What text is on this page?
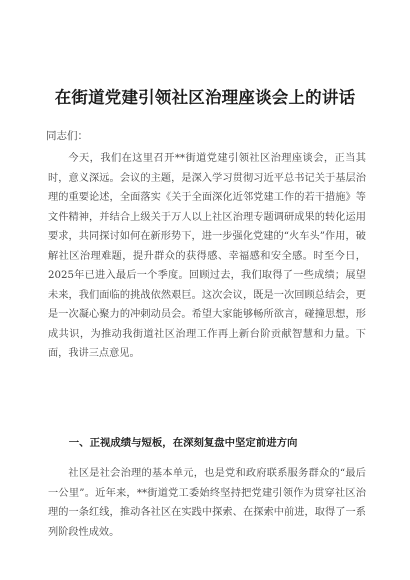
在街道党建引领社区治理座谈会上的讲话
同志们：
今天，我们在这里召开**街道党建引领社区治理座谈会，正当其时，意义深远。会议的主题，是深入学习贯彻习近平总书记关于基层治理的重要论述，全面落实《关于全面深化近邻党建工作的若干措施》等文件精神，并结合上级关于万人以上社区治理专题调研成果的转化运用要求，共同探讨如何在新形势下，进一步强化党建的“火车头”作用，破解社区治理难题，提升群众的获得感、幸福感和安全感。时至今日，2025年已进入最后一个季度。回顾过去，我们取得了一些成绩；展望未来，我们面临的挑战依然艰巨。这次会议，既是一次回顾总结会，更是一次凝心聚力的冲刺动员会。希望大家能够畅所欲言，碰撞思想，形成共识，为推动我街道社区治理工作再上新台阶贡献智慧和力量。下面，我讲三点意见。
一、正视成绩与短板，在深刻复盘中坚定前进方向
社区是社会治理的基本单元，也是党和政府联系服务群众的“最后一公里”。近年来，**街道党工委始终坚持把党建引领作为贯穿社区治理的一条红线，推动各社区在实践中探索、在探索中前进，取得了一系列阶段性成效。
